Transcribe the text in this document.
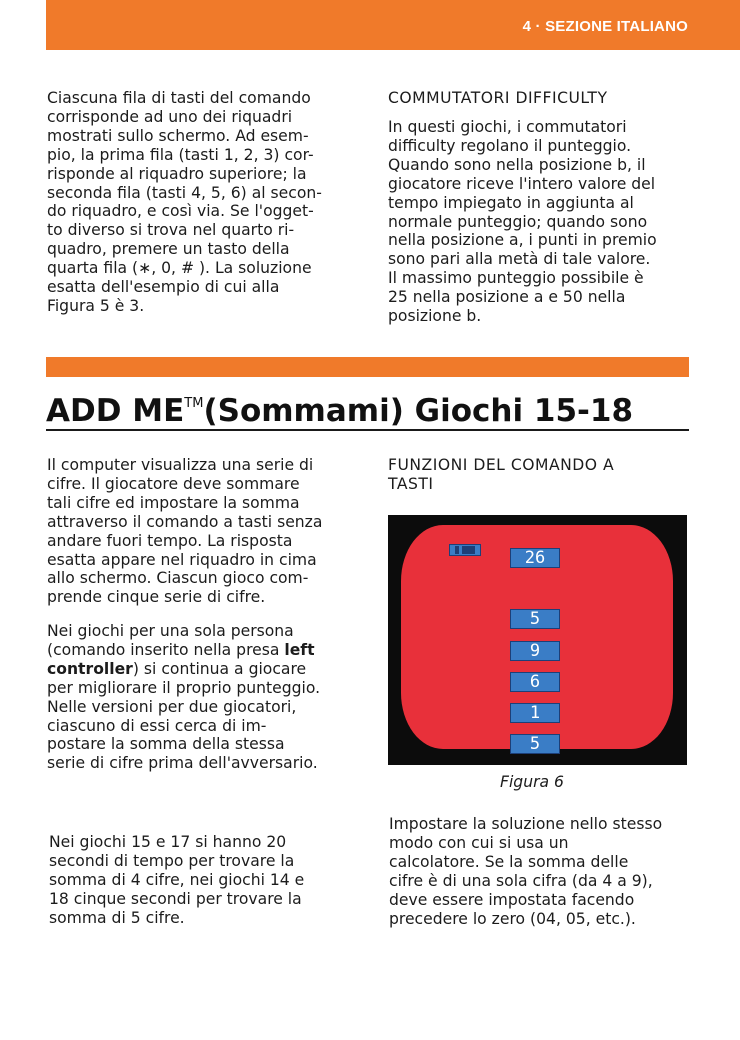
4 · SEZIONE ITALIANO

Ciascuna fila di tasti del comando
corrisponde ad uno dei riquadri
mostrati sullo schermo. Ad esem-
pio, la prima fila (tasti 1, 2, 3) cor-
risponde al riquadro superiore; la
seconda fila (tasti 4, 5, 6) al secon-
do riquadro, e così via. Se l'ogget-
to diverso si trova nel quarto ri-
quadro, premere un tasto della
quarta fila (∗, 0, # ). La soluzione
esatta dell'esempio di cui alla
Figura 5 è 3.

COMMUTATORI DIFFICULTY

In questi giochi, i commutatori difficulty regolano il punteggio.
Quando sono nella posizione b, il
giocatore riceve l'intero valore del
tempo impiegato in aggiunta al
normale punteggio; quando sono
nella posizione a, i punti in premio
sono pari alla metà di tale valore.
Il massimo punteggio possibile è
25 nella posizione a e 50 nella
posizione b.

ADD ME™(Sommami) Giochi 15-18

Il computer visualizza una serie di
cifre. Il giocatore deve sommare
tali cifre ed impostare la somma
attraverso il comando a tasti senza
andare fuori tempo. La risposta
esatta appare nel riquadro in cima
allo schermo. Ciascun gioco com-
prende cinque serie di cifre.

Nei giochi per una sola persona
(comando inserito nella presa left
controller) si continua a giocare
per migliorare il proprio punteggio.
Nelle versioni per due giocatori,
ciascuno di essi cerca di im-
postare la somma della stessa
serie di cifre prima dell'avversario.

Nei giochi 15 e 17 si hanno 20
secondi di tempo per trovare la
somma di 4 cifre, nei giochi 14 e
18 cinque secondi per trovare la
somma di 5 cifre.

FUNZIONI DEL COMANDO A
TASTI

26
5
9
6
1
5
Figura 6

Impostare la soluzione nello stesso
modo con cui si usa un
calcolatore. Se la somma delle
cifre è di una sola cifra (da 4 a 9),
deve essere impostata facendo
precedere lo zero (04, 05, etc.).
